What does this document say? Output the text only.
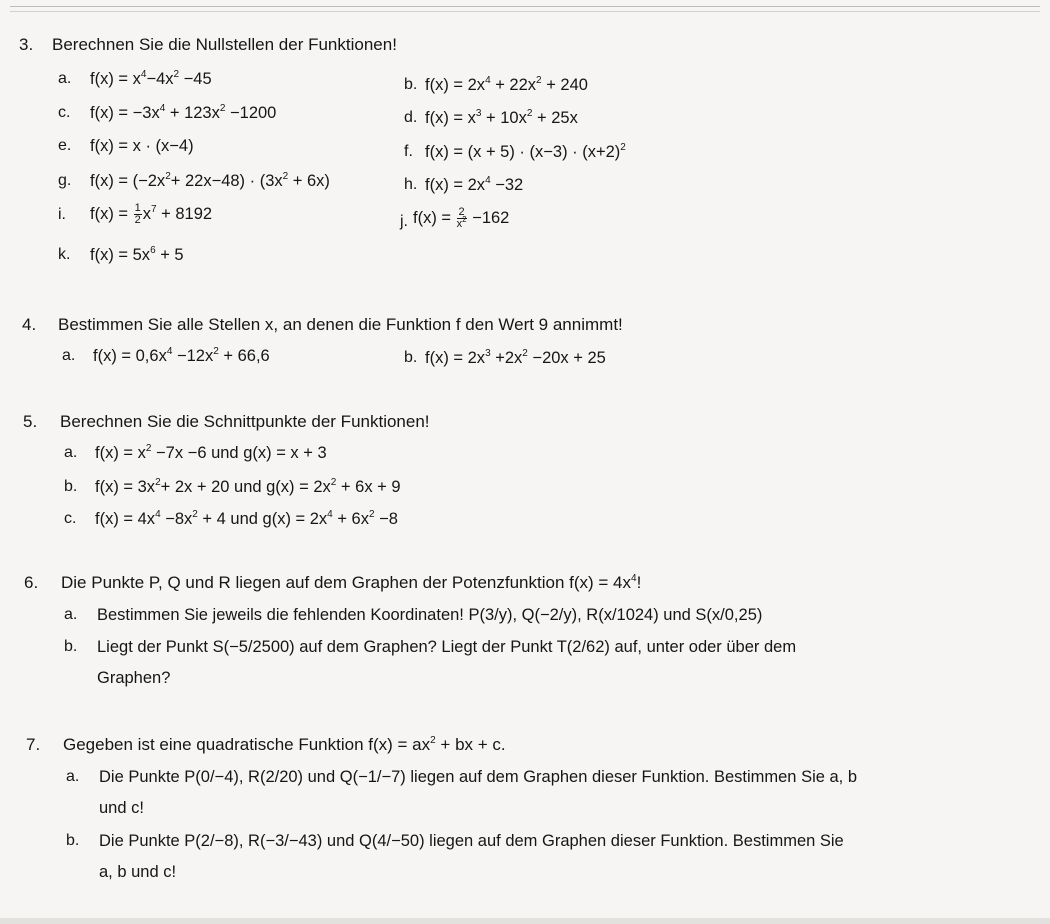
3. Berechnen Sie die Nullstellen der Funktionen!
a. $f(x) = x^4-4x^2 -45$	b. $f(x) = 2x^4 + 22x^2 + 240$
c. $f(x) = -3x^4 + 123x^2 -1200$	d. $f(x) = x^3 + 10x^2 + 25x$
e. f(x) = x · (x−4)	f. $f(x) = (x + 5) \cdot (x-3) \cdot (x+2)^2$
g. $f(x) = (-2x^2+ 22x-48) \cdot (3x^2 + 6x)$	h. $f(x) = 2x^4 -32$
i. $f(x) = \frac{1}{2} x^7 + 8192$	j. $f(x) = \frac{2}{x^2} -162$
k. $f(x) = 5x^6 + 5$
4. Bestimmen Sie alle Stellen x, an denen die Funktion f den Wert 9 annimmt!
a. $f(x) = 0,6x^4 -12x^2 + 66,6$	b. $f(x) = 2x^3 +2x^2 -20x + 25$
5. Berechnen Sie die Schnittpunkte der Funktionen!
a. $f(x) = x^2 -7x -6$ und g(x) = x + 3
b. $f(x) = 3x^2+ 2x + 20$ und $g(x) = 2x^2 + 6x + 9$
c. $f(x) = 4x^4 -8x^2 + 4$ und $g(x) = 2x^4 + 6x^2 -8$
6. Die Punkte P, Q und R liegen auf dem Graphen der Potenzfunktion $f(x) = 4x^4$!
a. Bestimmen Sie jeweils die fehlenden Koordinaten! P(3/y), Q(−2/y), R(x/1024) und S(x/0,25)
b. Liegt der Punkt S(−5/2500) auf dem Graphen? Liegt der Punkt T(2/62) auf, unter oder über dem
Graphen?
7. Gegeben ist eine quadratische Funktion $f(x) = ax^2$ + bx + c.
a. Die Punkte P(0/−4), R(2/20) und Q(−1/−7) liegen auf dem Graphen dieser Funktion. Bestimmen Sie a, b
und c!
b. Die Punkte P(2/−8), R(−3/−43) und Q(4/−50) liegen auf dem Graphen dieser Funktion. Bestimmen Sie
a, b und c!
